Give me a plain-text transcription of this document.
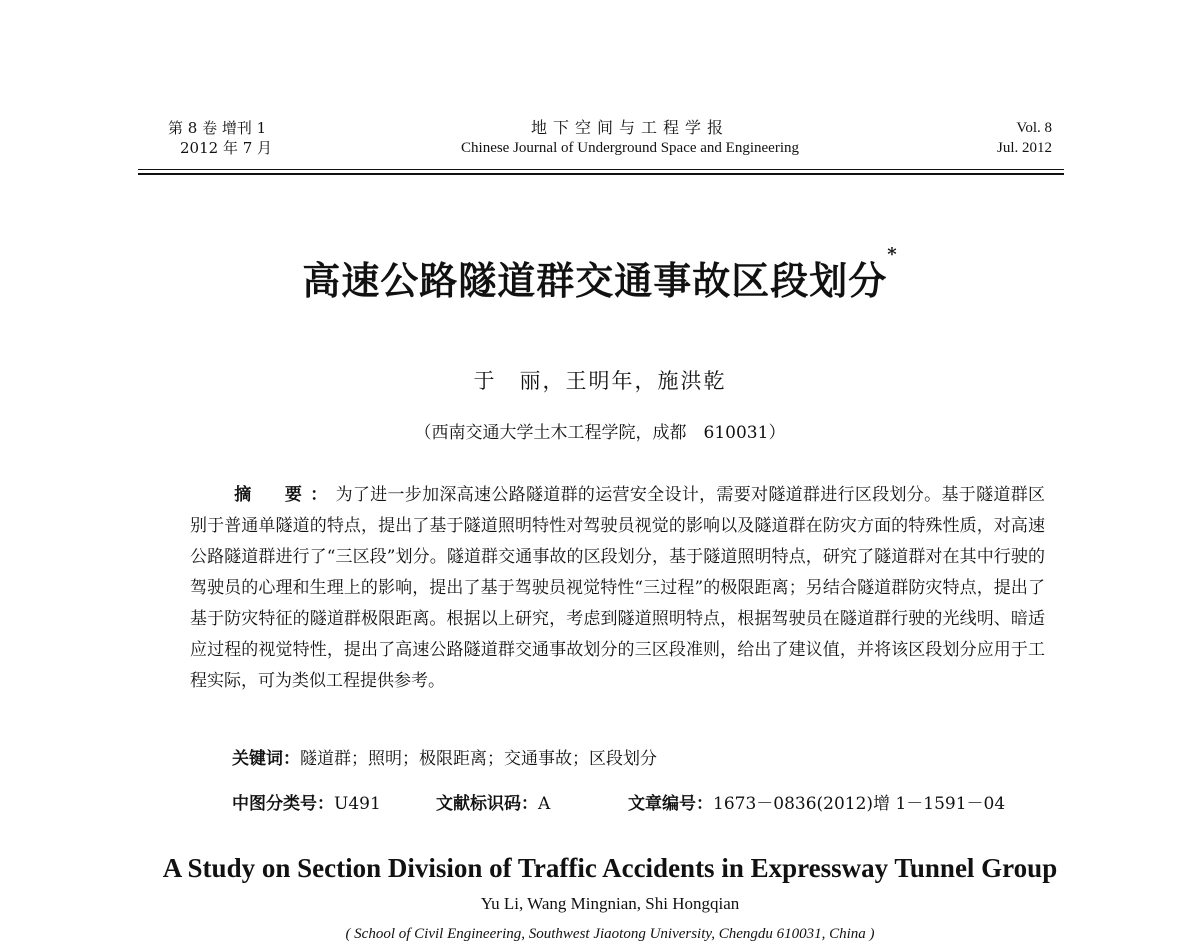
第 8 卷 增刊 1
2012 年 7 月
地下空间与工程学报
Chinese Journal of Underground Space and Engineering
Vol. 8
Jul. 2012
高速公路隧道群交通事故区段划分*
于　丽，王明年，施洪乾
（西南交通大学土木工程学院，成都　610031）
摘　要：为了进一步加深高速公路隧道群的运营安全设计，需要对隧道群进行区段划分。基于隧道群区别于普通单隧道的特点，提出了基于隧道照明特性对驾驶员视觉的影响以及隧道群在防灾方面的特殊性质，对高速公路隧道群进行了“三区段”划分。隧道群交通事故的区段划分，基于隧道照明特点，研究了隧道群对在其中行驶的驾驶员的心理和生理上的影响，提出了基于驾驶员视觉特性“三过程”的极限距离；另结合隧道群防灾特点，提出了基于防灾特征的隧道群极限距离。根据以上研究，考虑到隧道照明特点，根据驾驶员在隧道群行驶的光线明、暗适应过程的视觉特性，提出了高速公路隧道群交通事故划分的三区段准则，给出了建议值，并将该区段划分应用于工程实际，可为类似工程提供参考。
关键词：隧道群；照明；极限距离；交通事故；区段划分
中图分类号：U491	文献标识码：A	文章编号：1673－0836(2012)增 1－1591－04
A Study on Section Division of Traffic Accidents in Expressway Tunnel Group
Yu Li, Wang Mingnian, Shi Hongqian
( School of Civil Engineering, Southwest Jiaotong University, Chengdu 610031, China )
